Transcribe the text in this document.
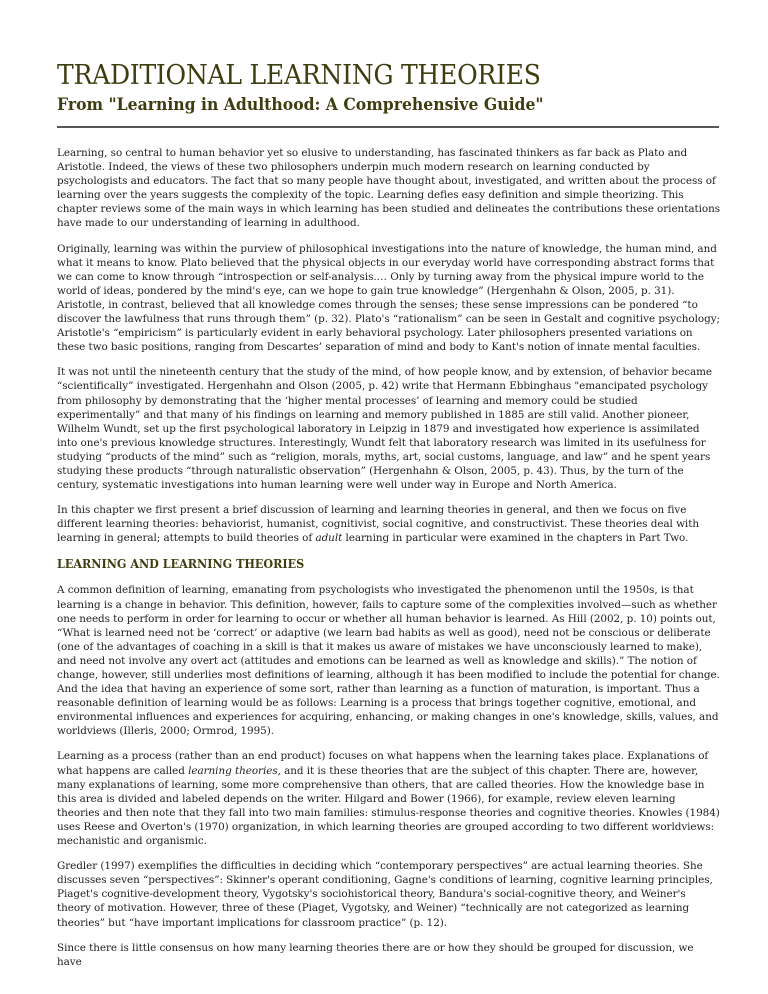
TRADITIONAL LEARNING THEORIES
From "Learning in Adulthood: A Comprehensive Guide"

Learning, so central to human behavior yet so elusive to understanding, has fascinated thinkers as far back as Plato and Aristotle. Indeed, the views of these two philosophers underpin much modern research on learning conducted by psychologists and educators. The fact that so many people have thought about, investigated, and written about the process of learning over the years suggests the complexity of the topic. Learning defies easy definition and simple theorizing. This chapter reviews some of the main ways in which learning has been studied and delineates the contributions these orientations have made to our understanding of learning in adulthood.

Originally, learning was within the purview of philosophical investigations into the nature of knowledge, the human mind, and what it means to know. Plato believed that the physical objects in our everyday world have corresponding abstract forms that we can come to know through “introspection or self-analysis.… Only by turning away from the physical impure world to the world of ideas, pondered by the mind's eye, can we hope to gain true knowledge” (Hergenhahn & Olson, 2005, p. 31). Aristotle, in contrast, believed that all knowledge comes through the senses; these sense impressions can be pondered “to discover the lawfulness that runs through them” (p. 32). Plato's “rationalism” can be seen in Gestalt and cognitive psychology; Aristotle's “empiricism” is particularly evident in early behavioral psychology. Later philosophers presented variations on these two basic positions, ranging from Descartes’ separation of mind and body to Kant's notion of innate mental faculties.

It was not until the nineteenth century that the study of the mind, of how people know, and by extension, of behavior became “scientifically” investigated. Hergenhahn and Olson (2005, p. 42) write that Hermann Ebbinghaus "emancipated psychology from philosophy by demonstrating that the ‘higher mental processes’ of learning and memory could be studied experimentally” and that many of his findings on learning and memory published in 1885 are still valid. Another pioneer, Wilhelm Wundt, set up the first psychological laboratory in Leipzig in 1879 and investigated how experience is assimilated into one's previous knowledge structures. Interestingly, Wundt felt that laboratory research was limited in its usefulness for studying “products of the mind” such as “religion, morals, myths, art, social customs, language, and law” and he spent years studying these products “through naturalistic observation” (Hergenhahn & Olson, 2005, p. 43). Thus, by the turn of the century, systematic investigations into human learning were well under way in Europe and North America.

In this chapter we first present a brief discussion of learning and learning theories in general, and then we focus on five different learning theories: behaviorist, humanist, cognitivist, social cognitive, and constructivist. These theories deal with learning in general; attempts to build theories of adult learning in particular were examined in the chapters in Part Two.

LEARNING AND LEARNING THEORIES

A common definition of learning, emanating from psychologists who investigated the phenomenon until the 1950s, is that learning is a change in behavior. This definition, however, fails to capture some of the complexities involved—such as whether one needs to perform in order for learning to occur or whether all human behavior is learned. As Hill (2002, p. 10) points out, “What is learned need not be ‘correct’ or adaptive (we learn bad habits as well as good), need not be conscious or deliberate (one of the advantages of coaching in a skill is that it makes us aware of mistakes we have unconsciously learned to make), and need not involve any overt act (attitudes and emotions can be learned as well as knowledge and skills).” The notion of change, however, still underlies most definitions of learning, although it has been modified to include the potential for change. And the idea that having an experience of some sort, rather than learning as a function of maturation, is important. Thus a reasonable definition of learning would be as follows: Learning is a process that brings together cognitive, emotional, and environmental influences and experiences for acquiring, enhancing, or making changes in one's knowledge, skills, values, and worldviews (Illeris, 2000; Ormrod, 1995).

Learning as a process (rather than an end product) focuses on what happens when the learning takes place. Explanations of what happens are called learning theories, and it is these theories that are the subject of this chapter. There are, however, many explanations of learning, some more comprehensive than others, that are called theories. How the knowledge base in this area is divided and labeled depends on the writer. Hilgard and Bower (1966), for example, review eleven learning theories and then note that they fall into two main families: stimulus-response theories and cognitive theories. Knowles (1984) uses Reese and Overton's (1970) organization, in which learning theories are grouped according to two different worldviews: mechanistic and organismic.

Gredler (1997) exemplifies the difficulties in deciding which “contemporary perspectives” are actual learning theories. She discusses seven “perspectives”: Skinner's operant conditioning, Gagne's conditions of learning, cognitive learning principles, Piaget's cognitive-development theory, Vygotsky's sociohistorical theory, Bandura's social-cognitive theory, and Weiner's theory of motivation. However, three of these (Piaget, Vygotsky, and Weiner) “technically are not categorized as learning theories” but “have important implications for classroom practice” (p. 12).

Since there is little consensus on how many learning theories there are or how they should be grouped for discussion, we have
